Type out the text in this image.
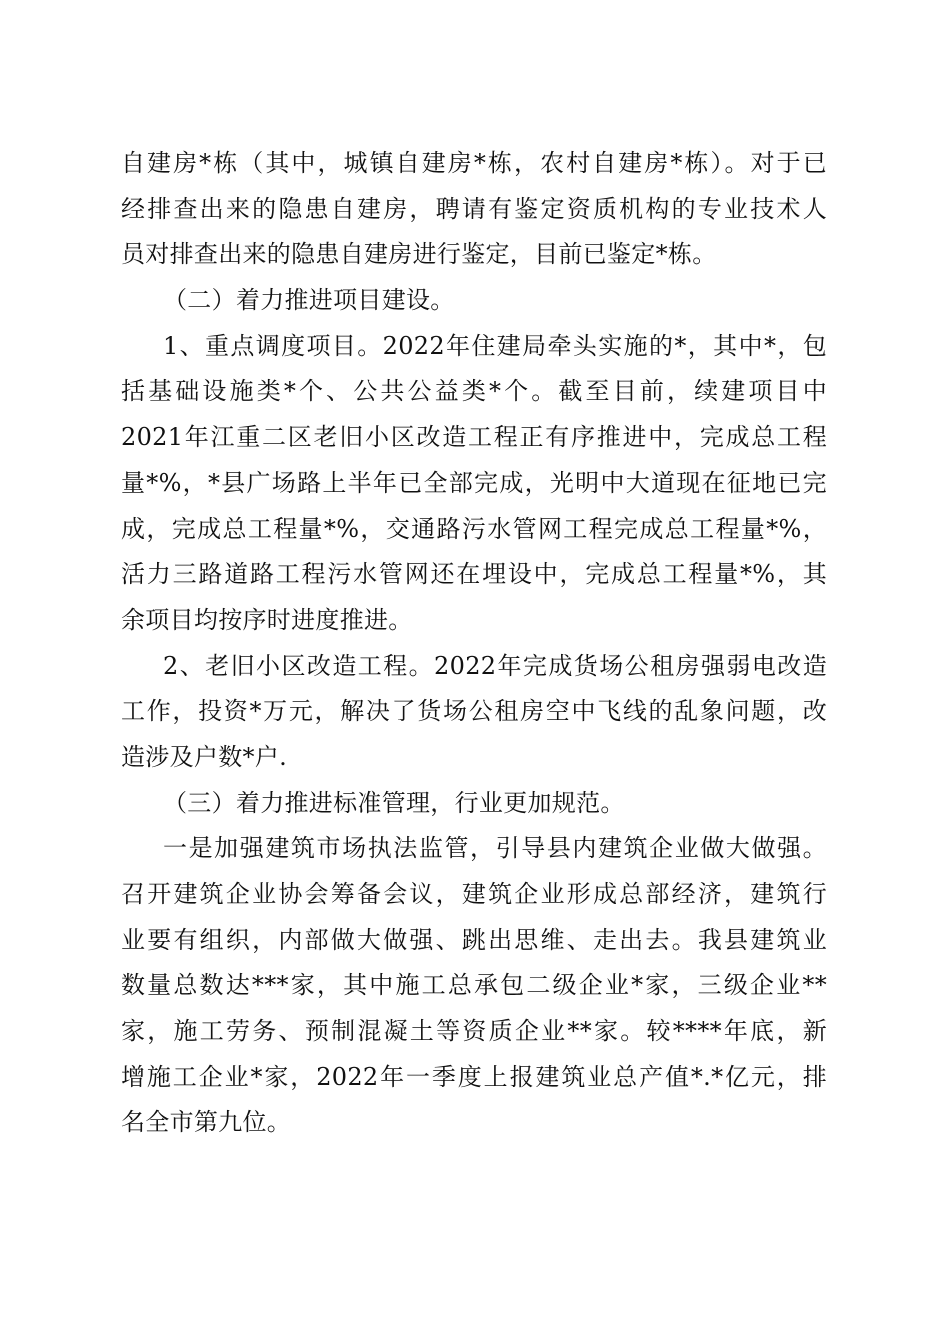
自建房*栋（其中，城镇自建房*栋，农村自建房*栋）。对于已
经排查出来的隐患自建房，聘请有鉴定资质机构的专业技术人
员对排查出来的隐患自建房进行鉴定，目前已鉴定*栋。
（二）着力推进项目建设。
1、重点调度项目。2022年住建局牵头实施的*，其中*，包
括基础设施类*个、公共公益类*个。截至目前，续建项目中
2021年江重二区老旧小区改造工程正有序推进中，完成总工程
量*%，*县广场路上半年已全部完成，光明中大道现在征地已完
成，完成总工程量*%，交通路污水管网工程完成总工程量*%，
活力三路道路工程污水管网还在埋设中，完成总工程量*%，其
余项目均按序时进度推进。
2、老旧小区改造工程。2022年完成货场公租房强弱电改造
工作，投资*万元，解决了货场公租房空中飞线的乱象问题，改
造涉及户数*户.
（三）着力推进标准管理，行业更加规范。
一是加强建筑市场执法监管，引导县内建筑企业做大做强。
召开建筑企业协会筹备会议，建筑企业形成总部经济，建筑行
业要有组织，内部做大做强、跳出思维、走出去。我县建筑业
数量总数达***家，其中施工总承包二级企业*家，三级企业**
家，施工劳务、预制混凝土等资质企业**家。较****年底，新
增施工企业*家，2022年一季度上报建筑业总产值*.*亿元，排
名全市第九位。
